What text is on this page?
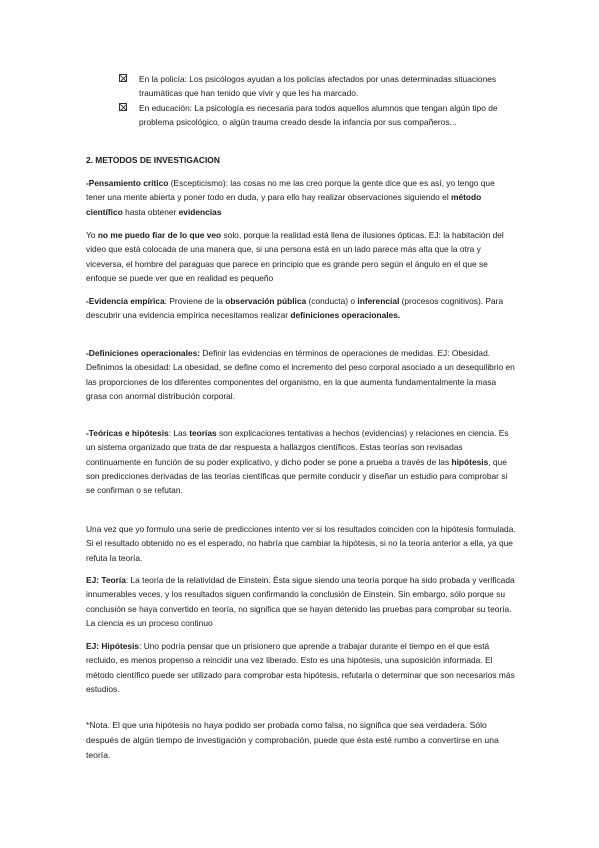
En la policía: Los psicólogos ayudan a los policías afectados por unas determinadas situaciones traumáticas que han tenido que vivir y que les ha marcado.
En educación: La psicología es necesaria para todos aquellos alumnos que tengan algún tipo de problema psicológico, o algún trauma creado desde la infancia por sus compañeros...

2. METODOS DE INVESTIGACION

-Pensamiento crítico (Escepticismo): las cosas no me las creo porque la gente dice que es así, yo tengo que tener una mente abierta y poner todo en duda, y para ello hay realizar observaciones siguiendo el método científico hasta obtener evidencias

Yo no me puedo fiar de lo que veo solo, porque la realidad está llena de ilusiones ópticas. EJ: la habitación del video que está colocada de una manera que, si una persona está en un lado parece más alta que la otra y viceversa, el hombre del paraguas que parece en principio que es grande pero según el ángulo en el que se enfoque se puede ver que en realidad es pequeño

-Evidencia empírica: Proviene de la observación pública (conducta) o inferencial (procesos cognitivos). Para descubrir una evidencia empírica necesitamos realizar definiciones operacionales.

-Definiciones operacionales: Definir las evidencias en términos de operaciones de medidas. EJ: Obesidad. Definimos la obesidad: La obesidad, se define como el incremento del peso corporal asociado a un desequilibrio en las proporciones de los diferentes componentes del organismo, en la que aumenta fundamentalmente la masa grasa con anormal distribución corporal.

-Teóricas e hipótesis: Las teorías son explicaciones tentativas a hechos (evidencias) y relaciones en ciencia. Es un sistema organizado que trata de dar respuesta a hallazgos científicos. Estas teorías son revisadas continuamente en función de su poder explicativo, y dicho poder se pone a prueba a través de las hipótesis, que son predicciones derivadas de las teorías científicas que permite conducir y diseñar un estudio para comprobar si se confirman o se refutan.

Una vez que yo formulo una serie de predicciones intento ver si los resultados coinciden con la hipótesis formulada. Si el resultado obtenido no es el esperado, no habría que cambiar la hipótesis, si no la teoría anterior a ella, ya que refuta la teoría.

EJ: Teoría: La teoría de la relatividad de Einstein. Ésta sigue siendo una teoría porque ha sido probada y verificada innumerables veces, y los resultados siguen confirmando la conclusión de Einstein. Sin embargo, sólo porque su conclusión se haya convertido en teoría, no significa que se hayan detenido las pruebas para comprobar su teoría. La ciencia es un proceso continuo

EJ: Hipótesis: Uno podría pensar que un prisionero que aprende a trabajar durante el tiempo en el que está recluido, es menos propenso a reincidir una vez liberado. Esto es una hipótesis, una suposición informada. El método científico puede ser utilizado para comprobar esta hipótesis, refutarla o determinar que son necesarios más estudios.

*Nota. El que una hipótesis no haya podido ser probada como falsa, no significa que sea verdadera. Sólo después de algún tiempo de investigación y comprobación, puede que ésta esté rumbo a convertirse en una teoría.
